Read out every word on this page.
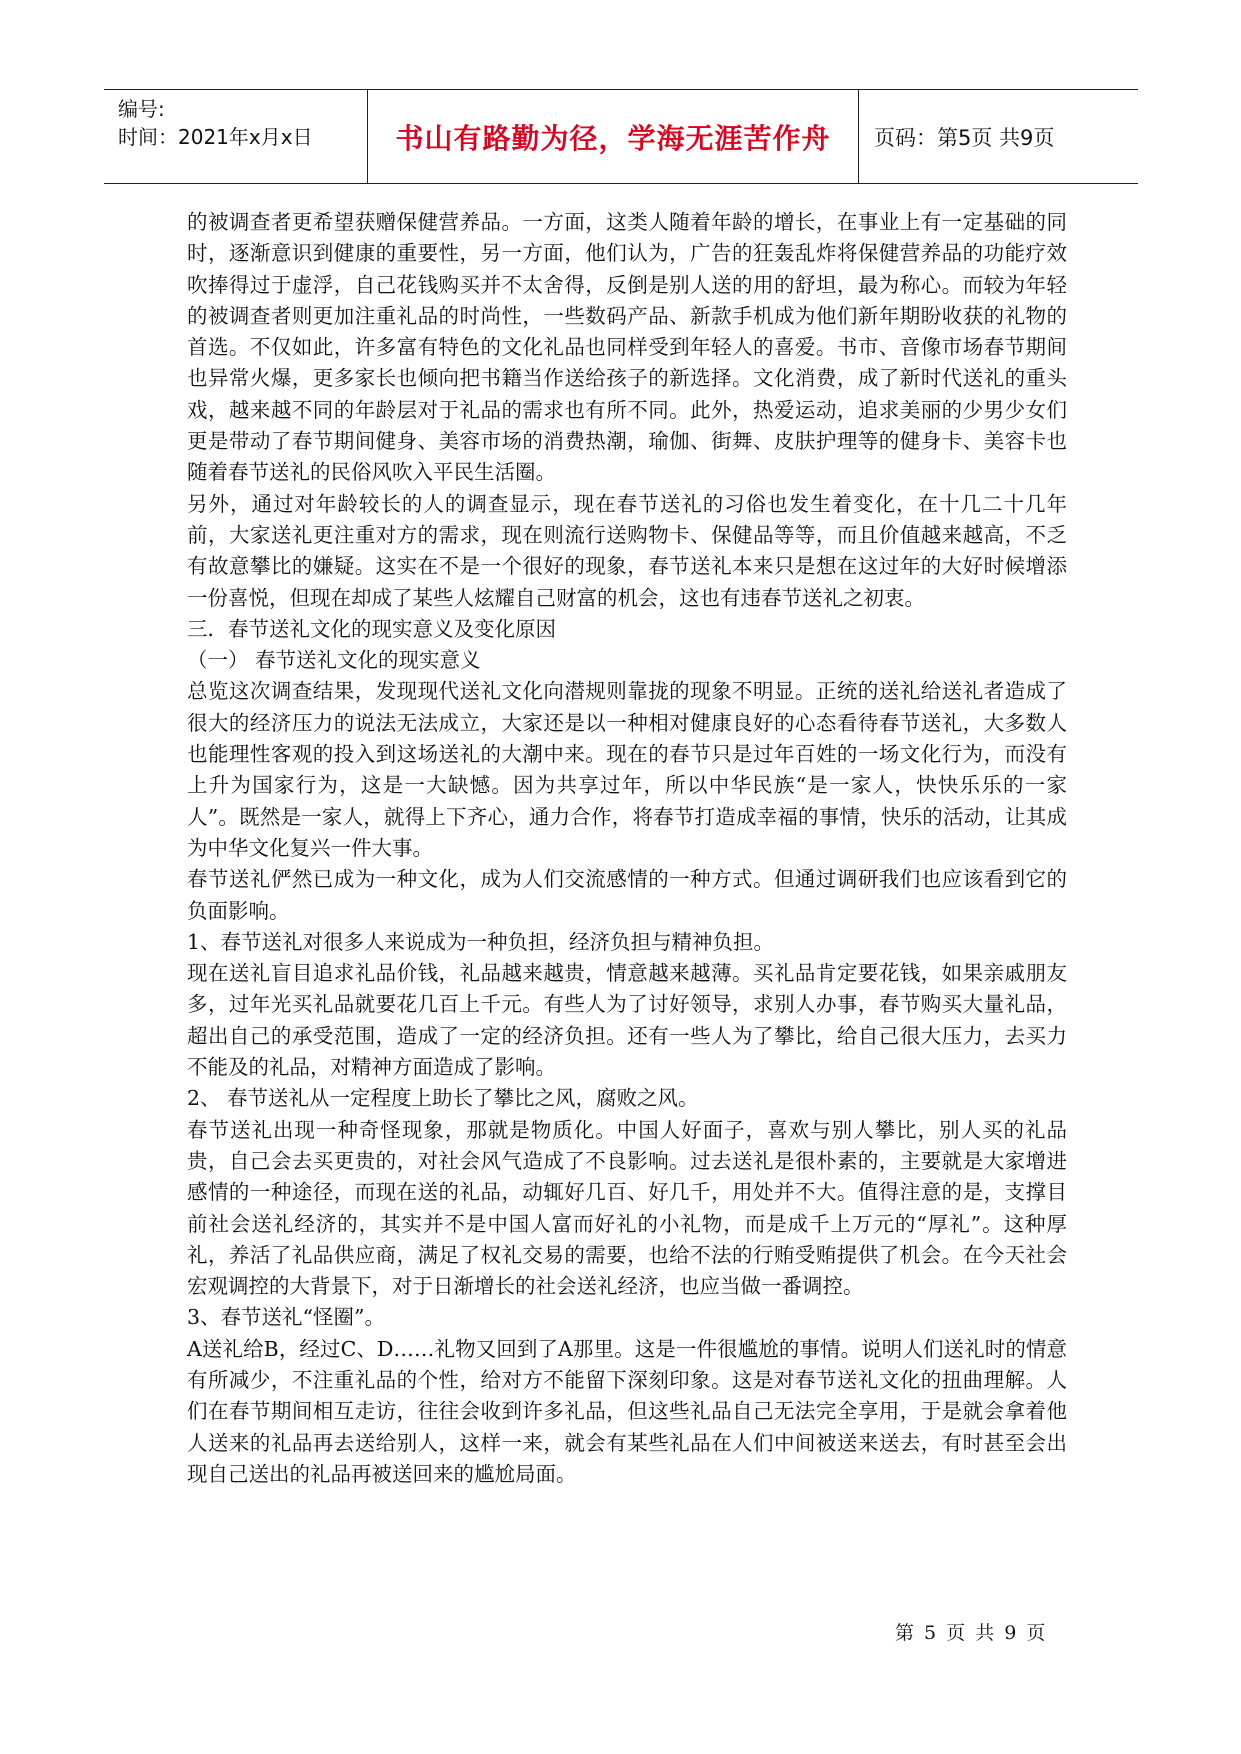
编号:
时间：2021年x月x日	书山有路勤为径，学海无涯苦作舟 页码：第5页 共9页

的被调查者更希望获赠保健营养品。一方面，这类人随着年龄的增长，在事业上有一定基础的同时，逐渐意识到健康的重要性，另一方面，他们认为，广告的狂轰乱炸将保健营养品的功能疗效吹捧得过于虚浮，自己花钱购买并不太舍得，反倒是别人送的用的舒坦，最为称心。而较为年轻的被调查者则更加注重礼品的时尚性，一些数码产品、新款手机成为他们新年期盼收获的礼物的首选。不仅如此，许多富有特色的文化礼品也同样受到年轻人的喜爱。书市、音像市场春节期间也异常火爆，更多家长也倾向把书籍当作送给孩子的新选择。文化消费，成了新时代送礼的重头戏，越来越不同的年龄层对于礼品的需求也有所不同。此外，热爱运动，追求美丽的少男少女们更是带动了春节期间健身、美容市场的消费热潮，瑜伽、街舞、皮肤护理等的健身卡、美容卡也随着春节送礼的民俗风吹入平民生活圈。

另外，通过对年龄较长的人的调查显示，现在春节送礼的习俗也发生着变化，在十几二十几年前，大家送礼更注重对方的需求，现在则流行送购物卡、保健品等等，而且价值越来越高，不乏有故意攀比的嫌疑。这实在不是一个很好的现象，春节送礼本来只是想在这过年的大好时候增添一份喜悦，但现在却成了某些人炫耀自己财富的机会，这也有违春节送礼之初衷。

三．春节送礼文化的现实意义及变化原因

（一） 春节送礼文化的现实意义

总览这次调查结果，发现现代送礼文化向潜规则靠拢的现象不明显。正统的送礼给送礼者造成了很大的经济压力的说法无法成立，大家还是以一种相对健康良好的心态看待春节送礼，大多数人也能理性客观的投入到这场送礼的大潮中来。现在的春节只是过年百姓的一场文化行为，而没有上升为国家行为，这是一大缺憾。因为共享过年，所以中华民族“是一家人，快快乐乐的一家人”。既然是一家人，就得上下齐心，通力合作，将春节打造成幸福的事情，快乐的活动，让其成为中华文化复兴一件大事。

春节送礼俨然已成为一种文化，成为人们交流感情的一种方式。但通过调研我们也应该看到它的负面影响。

1、春节送礼对很多人来说成为一种负担，经济负担与精神负担。

现在送礼盲目追求礼品价钱，礼品越来越贵，情意越来越薄。买礼品肯定要花钱，如果亲戚朋友多，过年光买礼品就要花几百上千元。有些人为了讨好领导，求别人办事，春节购买大量礼品，超出自己的承受范围，造成了一定的经济负担。还有一些人为了攀比，给自己很大压力，去买力不能及的礼品，对精神方面造成了影响。

2、 春节送礼从一定程度上助长了攀比之风，腐败之风。

春节送礼出现一种奇怪现象，那就是物质化。中国人好面子，喜欢与别人攀比，别人买的礼品贵，自己会去买更贵的，对社会风气造成了不良影响。过去送礼是很朴素的，主要就是大家增进感情的一种途径，而现在送的礼品，动辄好几百、好几千，用处并不大。值得注意的是，支撑目前社会送礼经济的，其实并不是中国人富而好礼的小礼物，而是成千上万元的“厚礼”。这种厚礼，养活了礼品供应商，满足了权礼交易的需要，也给不法的行贿受贿提供了机会。在今天社会宏观调控的大背景下，对于日渐增长的社会送礼经济，也应当做一番调控。

3、春节送礼“怪圈”。

A送礼给B，经过C、D……礼物又回到了A那里。这是一件很尴尬的事情。说明人们送礼时的情意有所减少，不注重礼品的个性，给对方不能留下深刻印象。这是对春节送礼文化的扭曲理解。人们在春节期间相互走访，往往会收到许多礼品，但这些礼品自己无法完全享用，于是就会拿着他人送来的礼品再去送给别人，这样一来，就会有某些礼品在人们中间被送来送去，有时甚至会出现自己送出的礼品再被送回来的尴尬局面。

第 5 页 共 9 页
